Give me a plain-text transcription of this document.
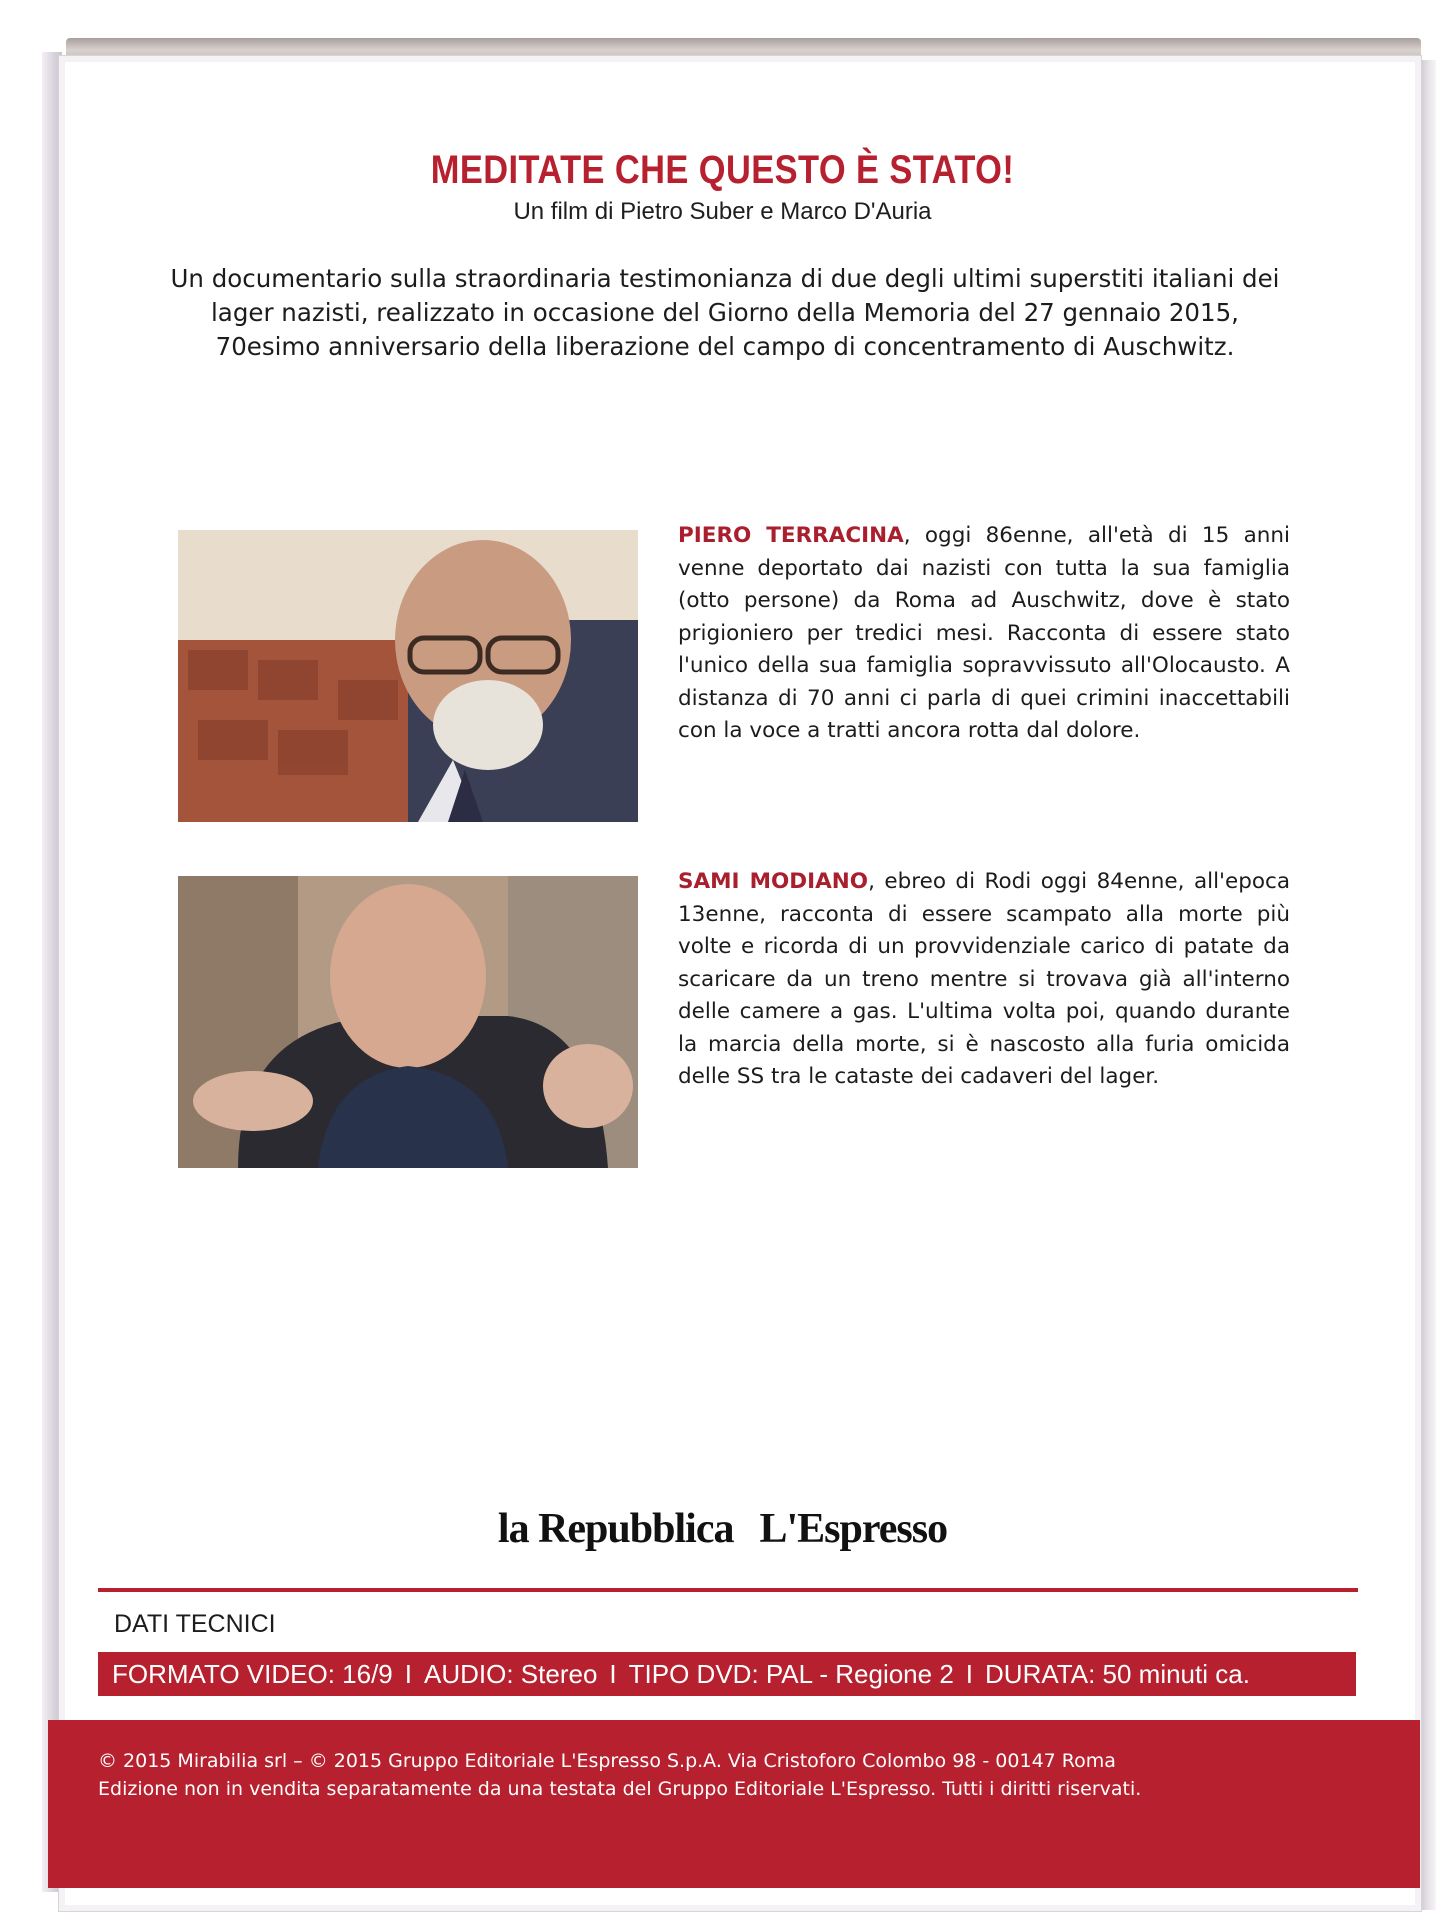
MEDITATE CHE QUESTO È STATO!
Un film di Pietro Suber e Marco D'Auria
Un documentario sulla straordinaria testimonianza di due degli ultimi superstiti italiani dei lager nazisti, realizzato in occasione del Giorno della Memoria del 27 gennaio 2015, 70esimo anniversario della liberazione del campo di concentramento di Auschwitz.
PIERO TERRACINA, oggi 86enne, all'età di 15 anni venne deportato dai nazisti con tutta la sua famiglia (otto persone) da Roma ad Auschwitz, dove è stato prigioniero per tredici mesi. Racconta di essere stato l'unico della sua famiglia sopravvissuto all'Olocausto. A distanza di 70 anni ci parla di quei crimini inaccettabili con la voce a tratti ancora rotta dal dolore.
SAMI MODIANO, ebreo di Rodi oggi 84enne, all'epoca 13enne, racconta di essere scampato alla morte più volte e ricorda di un provvidenziale carico di patate da scaricare da un treno mentre si trovava già all'interno delle camere a gas. L'ultima volta poi, quando durante la marcia della morte, si è nascosto alla furia omicida delle SS tra le cataste dei cadaveri del lager.
la Repubblica L'Espresso
DATI TECNICI
FORMATO VIDEO: 16/9 I AUDIO: Stereo I TIPO DVD: PAL - Regione 2 I DURATA: 50 minuti ca.
© 2015 Mirabilia srl – © 2015 Gruppo Editoriale L'Espresso S.p.A. Via Cristoforo Colombo 98 - 00147 Roma
Edizione non in vendita separatamente da una testata del Gruppo Editoriale L'Espresso. Tutti i diritti riservati.
